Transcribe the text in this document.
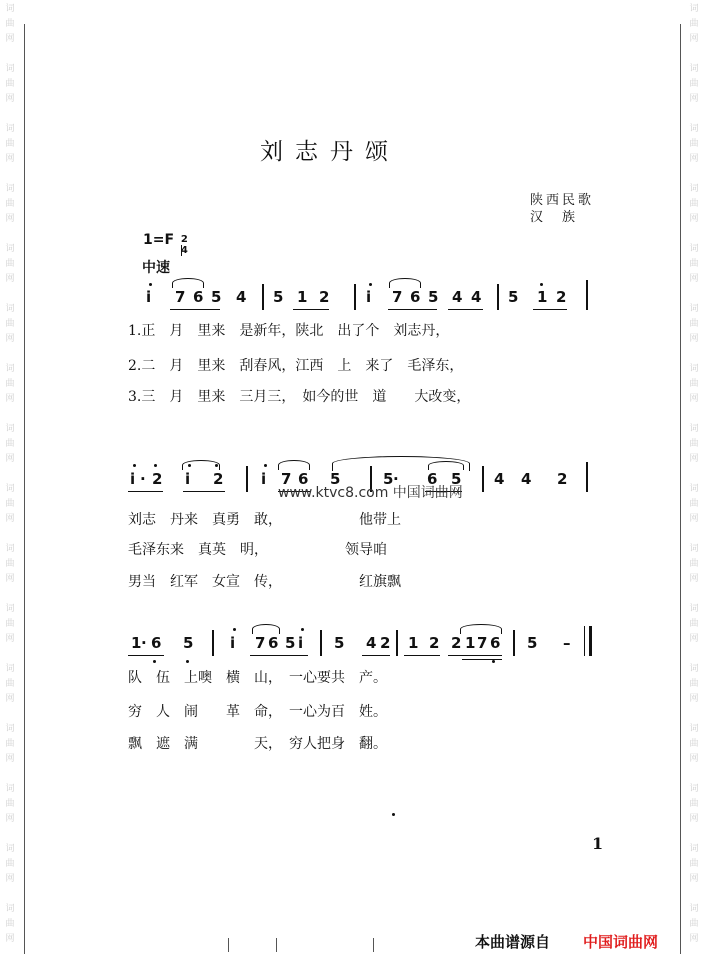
词
曲
网
词
曲
网
词
曲
网
词
曲
网
词
曲
网
词
曲
网
词
曲
网
词
曲
网
词
曲
网
词
曲
网
词
曲
网
词
曲
网
词
曲
网
词
曲
网
词
曲
网
词
曲
网
词
曲
网
词
曲
网
词
曲
网
词
曲
网
词
曲
网
词
曲
网
词
曲
网
词
曲
网
词
曲
网
词
曲
网
词
曲
网
词
曲
网
词
曲
网
词
曲
网
词
曲
网
词
曲
网
刘志丹颂
陕西民歌
汉　族
$1=F \frac{2}{4}$
中速
i 7 6 5 4 5 1 2 i 7 6 5 4 4 5 1 2
1.正　月　里来　是新年，陕北　出了个　刘志丹，
2.二　月　里来　刮春风，江西　上　来了　毛泽东，
3.三　月　里来　三月三，　如今的世　道　　大改变，
i · 2 i 2	i 7 6 5	5 · 6 5 4 4 2
www.ktvc8.com 中国词曲网
刘志　丹来　真勇　敢，　　　　　　他带上
毛泽东来　真英　明，　　　　　　领导咱
男当　红军　女宣　传，　　　　　　红旗飘
1 · 6 5 i 7 6 5 i 5 4 2 1 2 2 1 7 6 5 –
队　伍　上噢　横　山，　一心要共　产。
穷　人　闹　　革　命，　一心为百　姓。
飘　遮　满　　　　天，　穷人把身　翻。
1
本曲谱源自 中国词曲网
